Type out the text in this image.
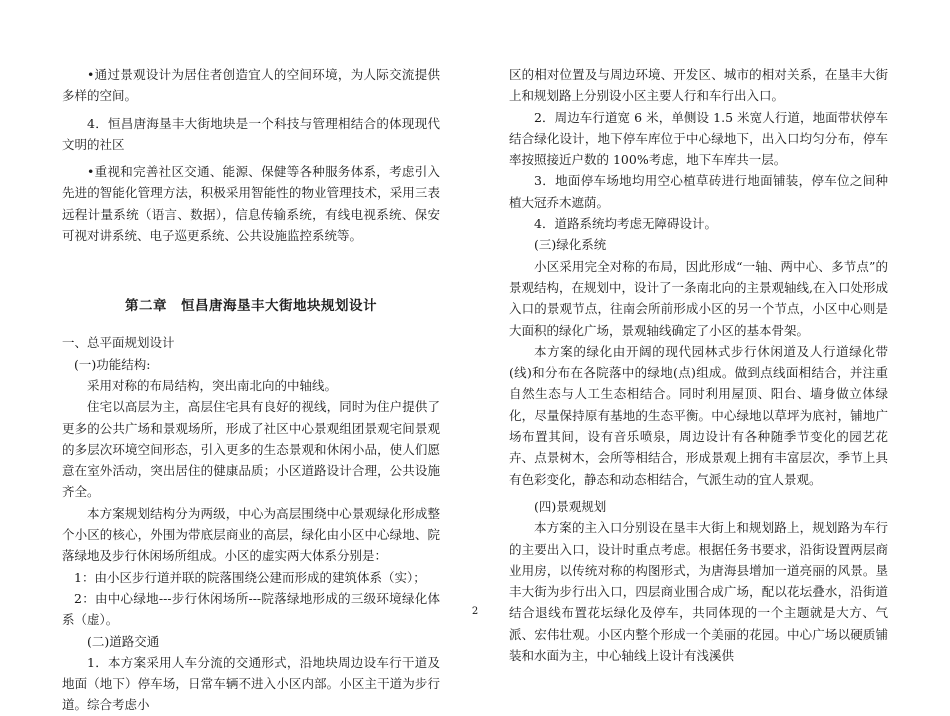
•通过景观设计为居住者创造宜人的空间环境，为人际交流提供多样的空间。

4．恒昌唐海垦丰大街地块是一个科技与管理相结合的体现现代文明的社区

•重视和完善社区交通、能源、保健等各种服务体系，考虑引入先进的智能化管理方法，积极采用智能性的物业管理技术，采用三表远程计量系统（语言、数据），信息传输系统，有线电视系统、保安可视对讲系统、电子巡更系统、公共设施监控系统等。

第二章　恒昌唐海垦丰大街地块规划设计

一、总平面规划设计

(一)功能结构:

采用对称的布局结构，突出南北向的中轴线。

住宅以高层为主，高层住宅具有良好的视线，同时为住户提供了更多的公共广场和景观场所，形成了社区中心景观组团景观宅间景观的多层次环境空间形态，引入更多的生态景观和休闲小品，使人们愿意在室外活动，突出居住的健康品质；小区道路设计合理，公共设施齐全。

本方案规划结构分为两级，中心为高层围绕中心景观绿化形成整个小区的核心，外围为带底层商业的高层，绿化由小区中心绿地、院落绿地及步行休闲场所组成。小区的虚实两大体系分别是：

1：由小区步行道并联的院落围绕公建而形成的建筑体系（实）；

2：由中心绿地---步行休闲场所---院落绿地形成的三级环境绿化体系（虚）。

(二)道路交通

1．本方案采用人车分流的交通形式，沿地块周边设车行干道及地面（地下）停车场，日常车辆不进入小区内部。小区主干道为步行道。综合考虑小

区的相对位置及与周边环境、开发区、城市的相对关系，在垦丰大街上和规划路上分别设小区主要人行和车行出入口。

2．周边车行道宽 6 米，单侧设 1.5 米宽人行道，地面带状停车结合绿化设计，地下停车库位于中心绿地下，出入口均匀分布，停车率按照接近户数的 100%考虑，地下车库共一层。

3．地面停车场地均用空心植草砖进行地面铺装，停车位之间种植大冠乔木遮荫。

4．道路系统均考虑无障碍设计。

(三)绿化系统

小区采用完全对称的布局，因此形成“一轴、两中心、多节点”的景观结构，在规划中，设计了一条南北向的主景观轴线,在入口处形成入口的景观节点，往南会所前形成小区的另一个节点，小区中心则是大面积的绿化广场，景观轴线确定了小区的基本骨架。

本方案的绿化由开阔的现代园林式步行休闲道及人行道绿化带(线)和分布在各院落中的绿地(点)组成。做到点线面相结合，并注重自然生态与人工生态相结合。同时利用屋顶、阳台、墙身做立体绿化，尽量保持原有基地的生态平衡。中心绿地以草坪为底衬，铺地广场布置其间，设有音乐喷泉，周边设计有各种随季节变化的园艺花卉、点景树木，会所等相结合，形成景观上拥有丰富层次，季节上具有色彩变化，静态和动态相结合，气派生动的宜人景观。

(四)景观规划

本方案的主入口分别设在垦丰大街上和规划路上，规划路为车行的主要出入口，设计时重点考虑。根据任务书要求，沿街设置两层商业用房，以传统对称的构图形式，为唐海县增加一道亮丽的风景。垦丰大街为步行出入口，四层商业围合成广场，配以花坛叠水，沿街道结合退线布置花坛绿化及停车，共同体现的一个主题就是大方、气派、宏伟壮观。小区内整个形成一个美丽的花园。中心广场以硬质铺装和水面为主，中心轴线上设计有浅溪供

2
